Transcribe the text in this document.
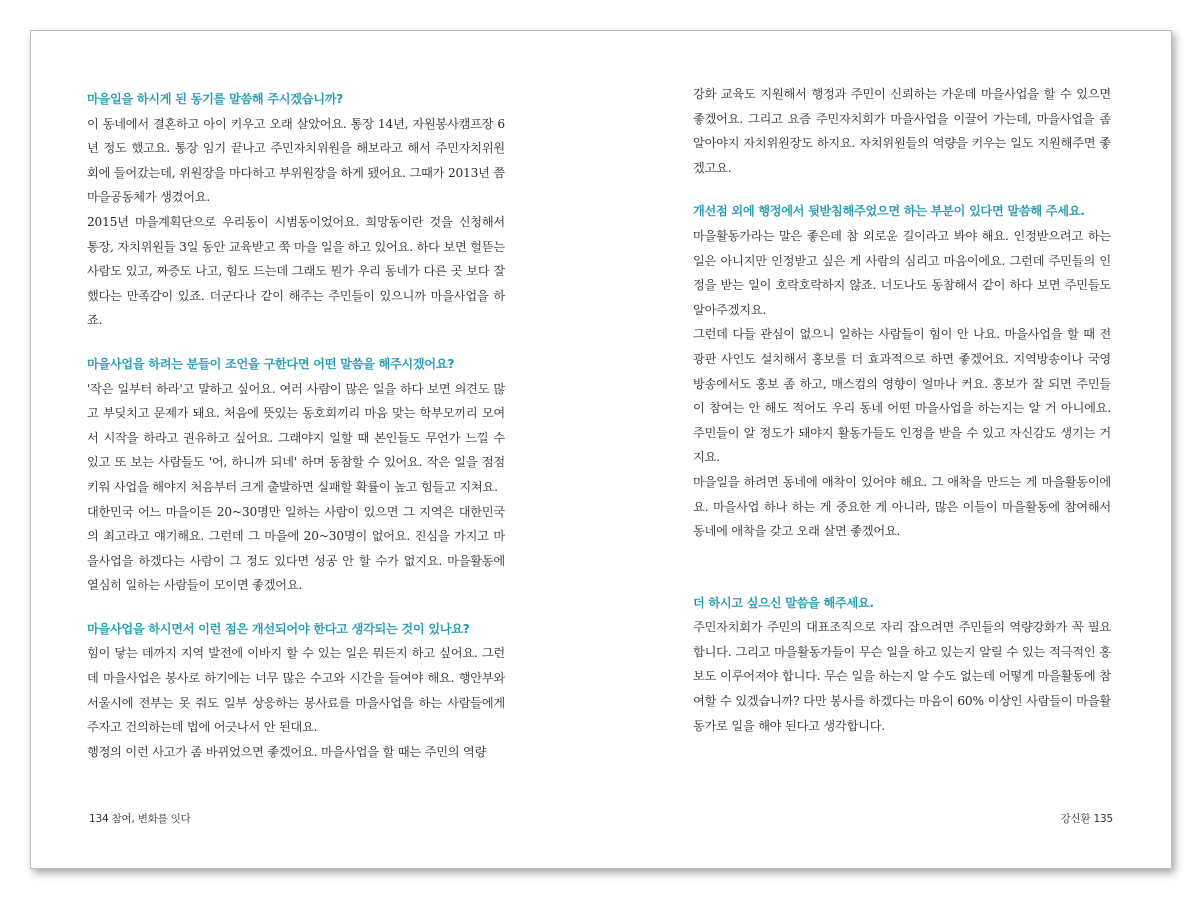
마을일을 하시게 된 동기를 말씀해 주시겠습니까?

이 동네에서 결혼하고 아이 키우고 오래 살았어요. 통장 14년, 자원봉사캠프장 6년 정도 했고요. 통장 임기 끝나고 주민자치위원을 해보라고 해서 주민자치위원회에 들어갔는데, 위원장을 마다하고 부위원장을 하게 됐어요. 그때가 2013년 쯤 마을공동체가 생겼어요.

2015년 마을계획단으로 우리동이 시범동이었어요. 희망동이란 것을 신청해서 통장, 자치위원들 3일 동안 교육받고 쭉 마을 일을 하고 있어요. 하다 보면 헐뜯는 사람도 있고, 짜증도 나고, 힘도 드는데 그래도 뭔가 우리 동네가 다른 곳 보다 잘했다는 만족감이 있죠. 더군다나 같이 해주는 주민들이 있으니까 마을사업을 하죠.

마을사업을 하려는 분들이 조언을 구한다면 어떤 말씀을 해주시겠어요?

'작은 일부터 하라'고 말하고 싶어요. 여러 사람이 많은 일을 하다 보면 의견도 많고 부딪치고 문제가 돼요. 처음에 뜻있는 동호회끼리 마음 맞는 학부모끼리 모여서 시작을 하라고 권유하고 싶어요. 그래야지 일할 때 본인들도 무언가 느낄 수 있고 또 보는 사람들도 '어, 하니까 되네' 하며 동참할 수 있어요. 작은 일을 점점 키워 사업을 해야지 처음부터 크게 출발하면 실패할 확률이 높고 힘들고 지쳐요.

대한민국 어느 마을이든 20~30명만 일하는 사람이 있으면 그 지역은 대한민국의 최고라고 얘기해요. 그런데 그 마을에 20~30명이 없어요. 진심을 가지고 마을사업을 하겠다는 사람이 그 정도 있다면 성공 안 할 수가 없지요. 마을활동에 열심히 일하는 사람들이 모이면 좋겠어요.

마을사업을 하시면서 이런 점은 개선되어야 한다고 생각되는 것이 있나요?

힘이 닿는 데까지 지역 발전에 이바지 할 수 있는 일은 뭐든지 하고 싶어요. 그런데 마을사업은 봉사로 하기에는 너무 많은 수고와 시간을 들여야 해요. 행안부와 서울시에 전부는 못 줘도 일부 상응하는 봉사료를 마을사업을 하는 사람들에게 주자고 건의하는데 법에 어긋나서 안 된대요.

행정의 이런 사고가 좀 바뀌었으면 좋겠어요. 마을사업을 할 때는 주민의 역량

134 참여, 변화를 잇다

강화 교육도 지원해서 행정과 주민이 신뢰하는 가운데 마을사업을 할 수 있으면 좋겠어요. 그리고 요즘 주민자치회가 마을사업을 이끌어 가는데, 마을사업을 좀 알아야지 자치위원장도 하지요. 자치위원들의 역량을 키우는 일도 지원해주면 좋겠고요.

개선점 외에 행정에서 뒷받침해주었으면 하는 부분이 있다면 말씀해 주세요.

마을활동가라는 말은 좋은데 참 외로운 길이라고 봐야 해요. 인정받으려고 하는 일은 아니지만 인정받고 싶은 게 사람의 심리고 마음이에요. 그런데 주민들의 인정을 받는 일이 호락호락하지 않죠. 너도나도 동참해서 같이 하다 보면 주민들도 알아주겠지요.

그런데 다들 관심이 없으니 일하는 사람들이 힘이 안 나요. 마을사업을 할 때 전광판 사인도 설치해서 홍보를 더 효과적으로 하면 좋겠어요. 지역방송이나 국영방송에서도 홍보 좀 하고, 매스컴의 영향이 얼마나 커요. 홍보가 잘 되면 주민들이 참여는 안 해도 적어도 우리 동네 어떤 마을사업을 하는지는 알 거 아니에요. 주민들이 알 정도가 돼야지 활동가들도 인정을 받을 수 있고 자신감도 생기는 거지요.

마을일을 하려면 동네에 애착이 있어야 해요. 그 애착을 만드는 게 마을활동이에요. 마을사업 하나 하는 게 중요한 게 아니라, 많은 이들이 마을활동에 참여해서 동네에 애착을 갖고 오래 살면 좋겠어요.

더 하시고 싶으신 말씀을 해주세요.

주민자치회가 주민의 대표조직으로 자리 잡으려면 주민들의 역량강화가 꼭 필요합니다. 그리고 마을활동가들이 무슨 일을 하고 있는지 알릴 수 있는 적극적인 홍보도 이루어져야 합니다. 무슨 일을 하는지 알 수도 없는데 어떻게 마을활동에 참여할 수 있겠습니까? 다만 봉사를 하겠다는 마음이 60% 이상인 사람들이 마을활동가로 일을 해야 된다고 생각합니다.

강신환 135
